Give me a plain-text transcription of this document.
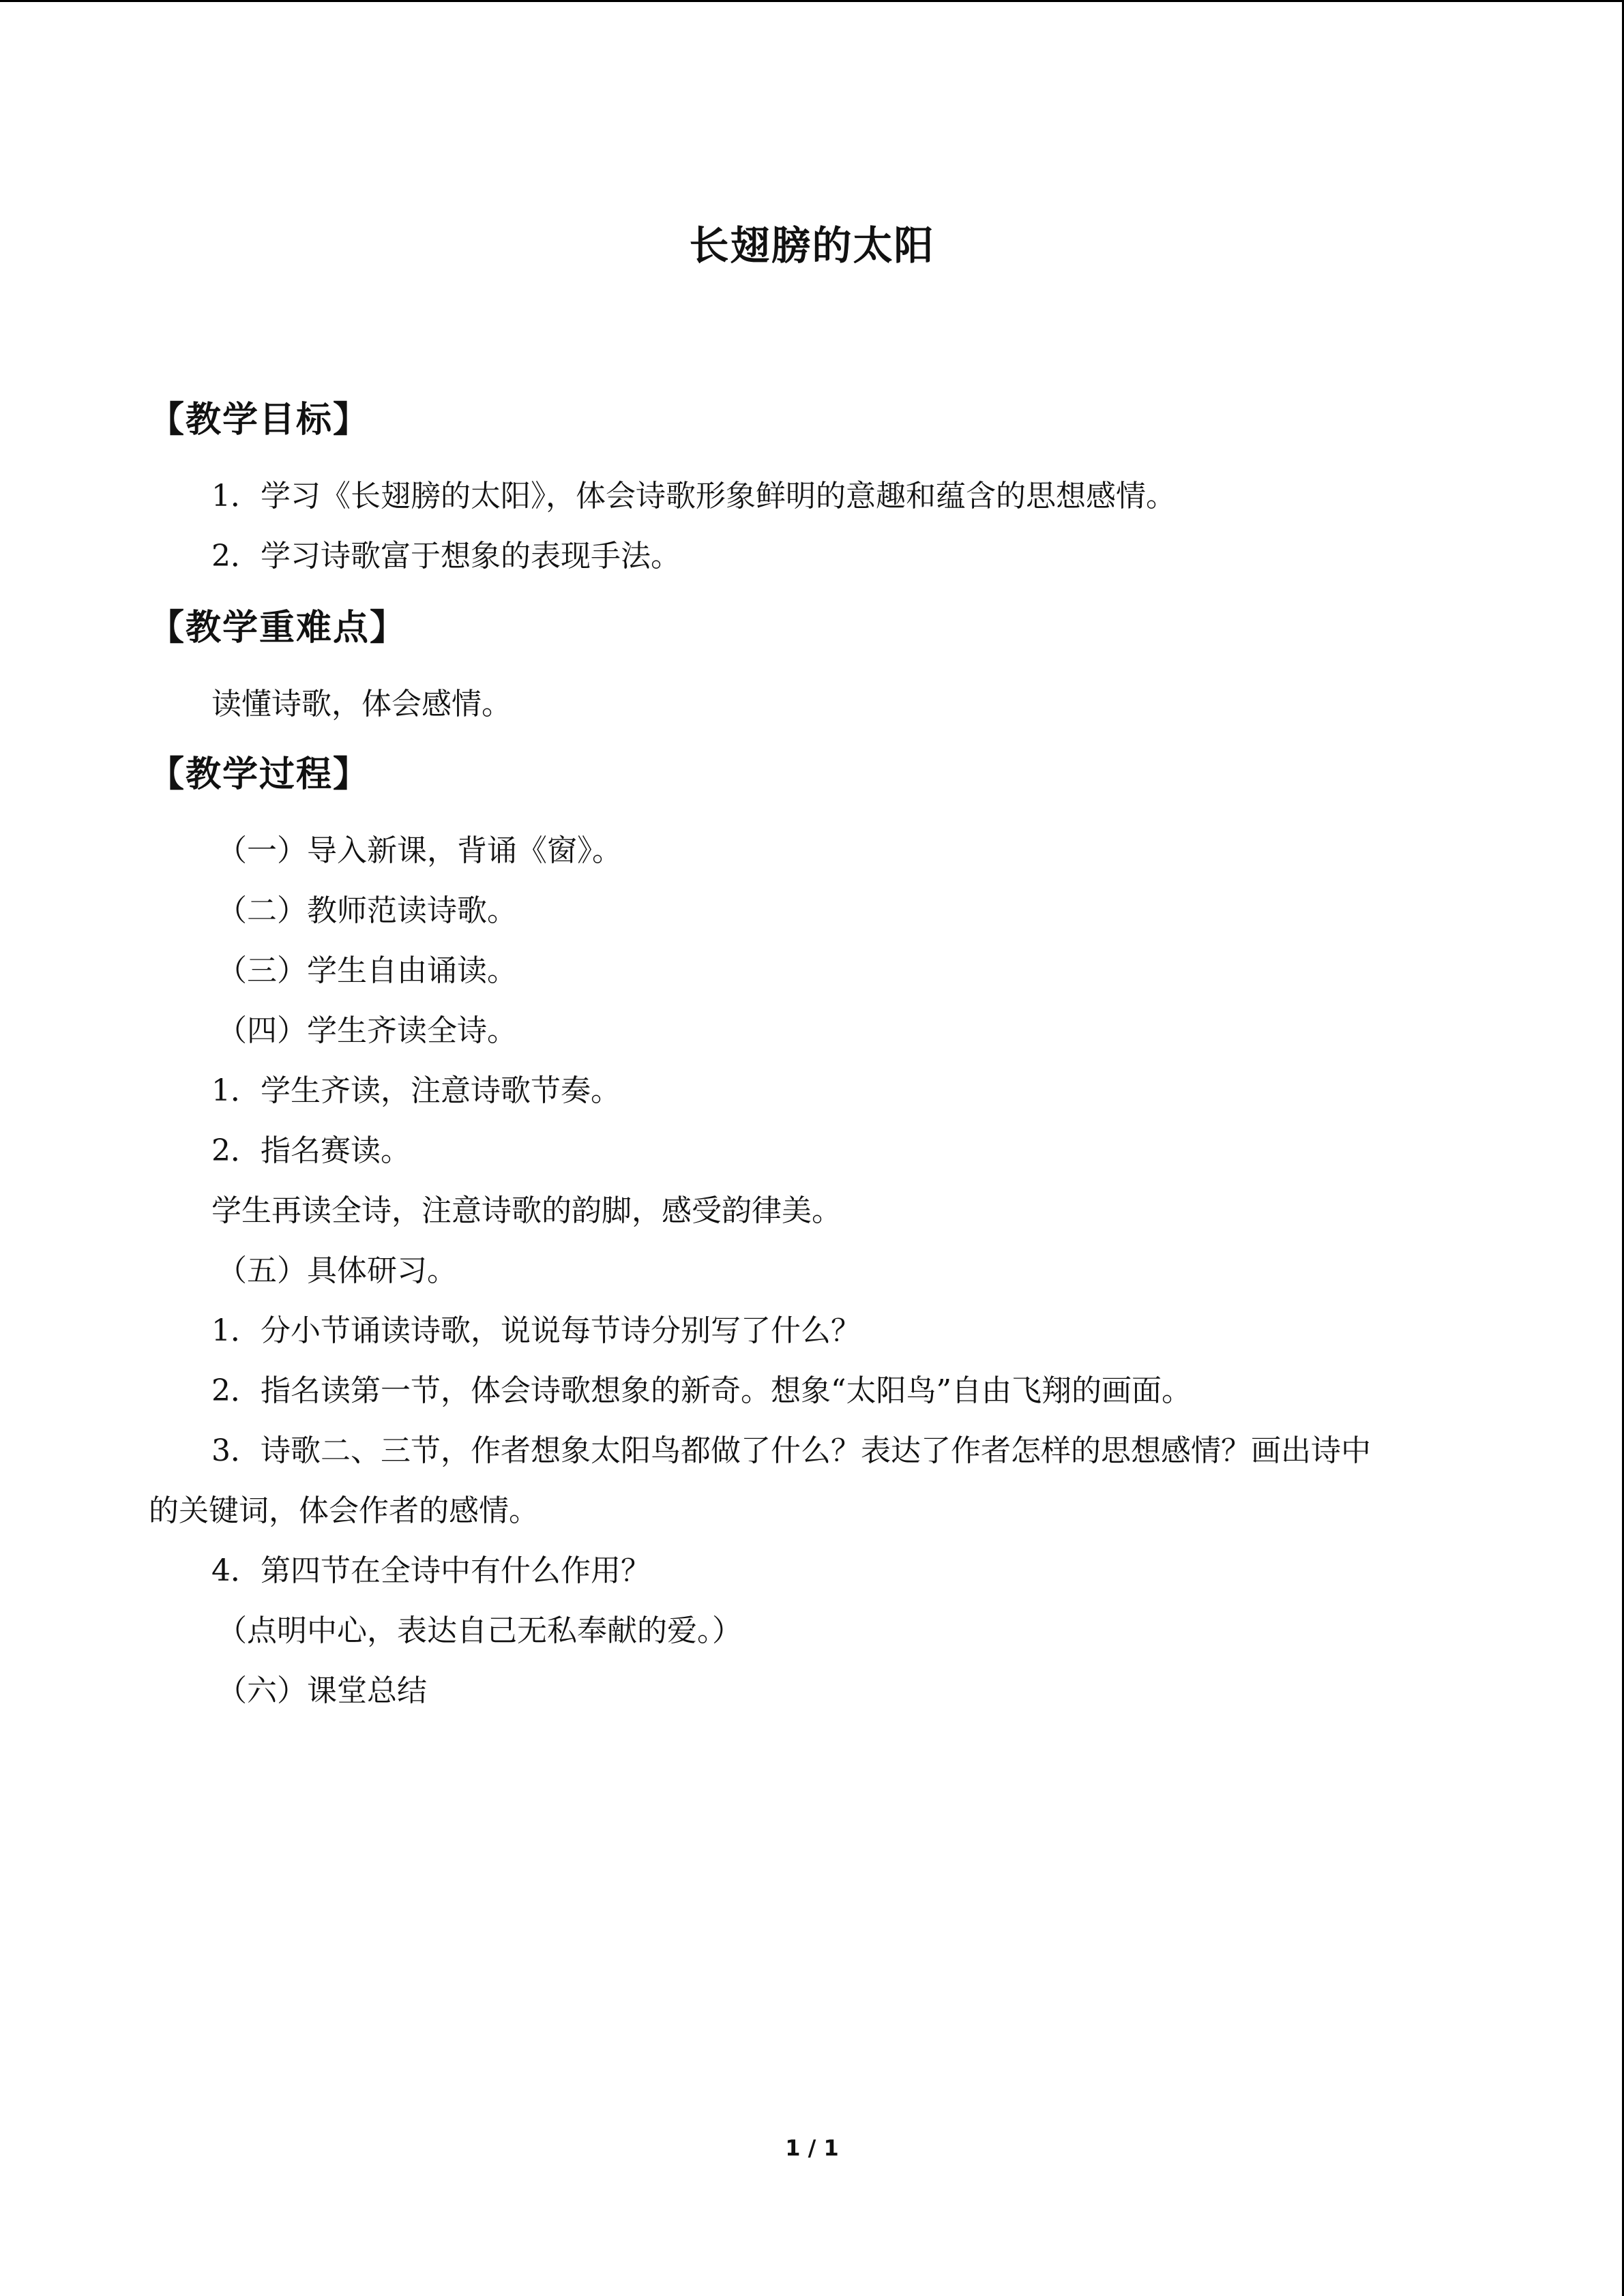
长翅膀的太阳
【教学目标】
1．学习《长翅膀的太阳》，体会诗歌形象鲜明的意趣和蕴含的思想感情。
2．学习诗歌富于想象的表现手法。
【教学重难点】
读懂诗歌，体会感情。
【教学过程】
（一）导入新课，背诵《窗》。
（二）教师范读诗歌。
（三）学生自由诵读。
（四）学生齐读全诗。
1．学生齐读，注意诗歌节奏。
2．指名赛读。
学生再读全诗，注意诗歌的韵脚，感受韵律美。
（五）具体研习。
1．分小节诵读诗歌，说说每节诗分别写了什么？
2．指名读第一节，体会诗歌想象的新奇。想象“太阳鸟”自由飞翔的画面。
3．诗歌二、三节，作者想象太阳鸟都做了什么？表达了作者怎样的思想感情？画出诗中
的关键词，体会作者的感情。
4．第四节在全诗中有什么作用？
（点明中心，表达自己无私奉献的爱。）
（六）课堂总结
1 / 1
